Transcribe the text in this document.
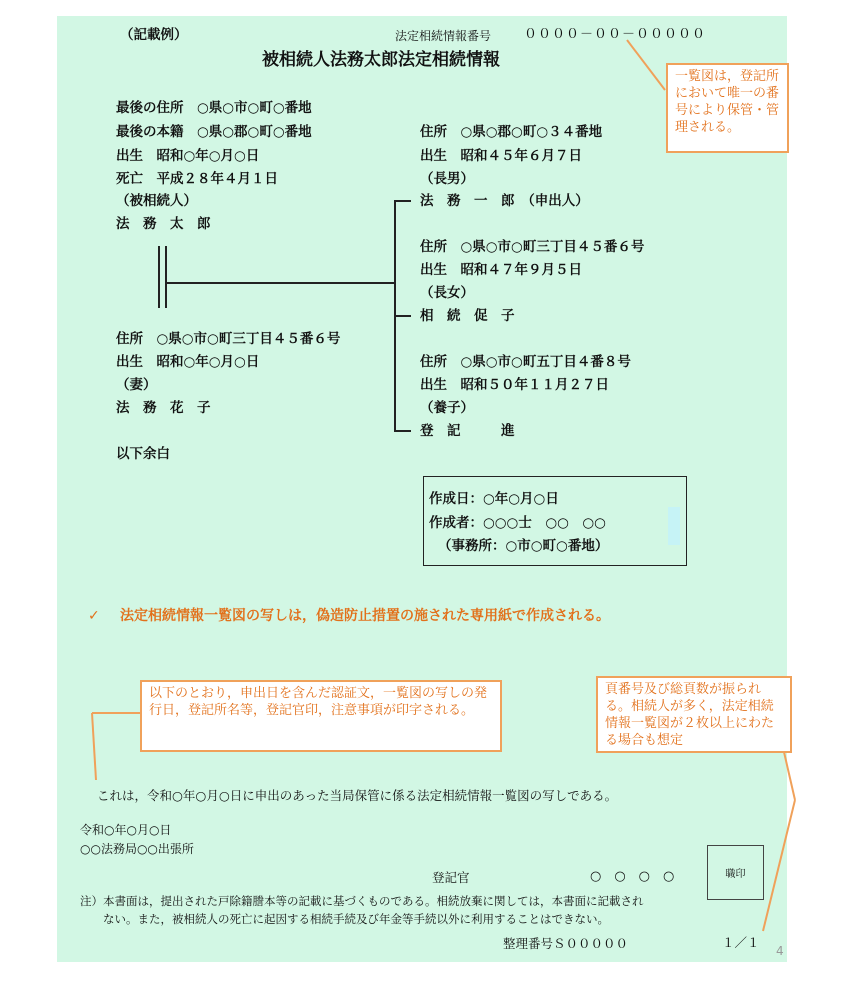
（記載例）	法定相続情報番号	００００－００－０００００
被相続人法務太郎法定相続情報
一覧図は，登記所において唯一の番号により保管・管理される。
最後の住所　○県○市○町○番地
最後の本籍　○県○郡○町○番地
出生　昭和○年○月○日
死亡　平成２８年４月１日
（被相続人）
法　務　太　郎
住所　○県○郡○町○３４番地
出生　昭和４５年６月７日
（長男）
法　務　一　郎　（申出人）
住所　○県○市○町三丁目４５番６号
出生　昭和４７年９月５日
（長女）
相　続　促　子
住所　○県○市○町三丁目４５番６号
出生　昭和○年○月○日
（妻）
法　務　花　子
住所　○県○市○町五丁目４番８号
出生　昭和５０年１１月２７日
（養子）
登　記　　　進
以下余白
作成日：○年○月○日
作成者：○○○士　○○　○○
（事務所：○市○町○番地）
✓ 法定相続情報一覧図の写しは，偽造防止措置の施された専用紙で作成される。
以下のとおり，申出日を含んだ認証文，一覧図の写しの発行日，登記所名等，登記官印，注意事項が印字される。
頁番号及び総頁数が振られる。相続人が多く，法定相続情報一覧図が２枚以上にわたる場合も想定
これは，令和○年○月○日に申出のあった当局保管に係る法定相続情報一覧図の写しである。
令和○年○月○日
○○法務局○○出張所
登記官	○　○　○　○	職印
注）本書面は，提出された戸除籍謄本等の記載に基づくものである。相続放棄に関しては，本書面に記載され
ない。また，被相続人の死亡に起因する相続手続及び年金等手続以外に利用することはできない。
整理番号Ｓ０００００	１／１
4
